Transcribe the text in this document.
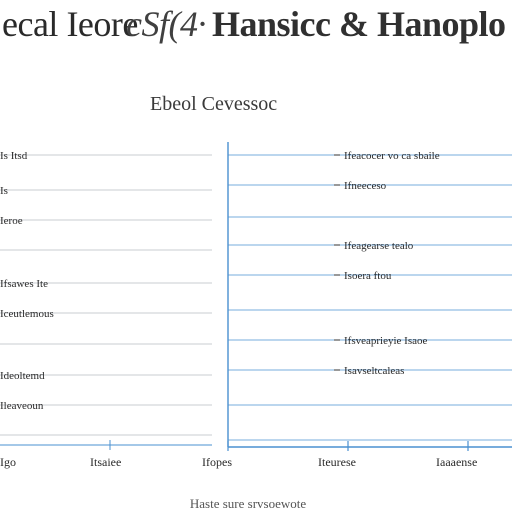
ecal Ieore
cSf(4· Hansicc & Hanoplo
Ebeol Cevessoc
Is Itsd
Is
Ieroe
Ifsawes Ite
Iceutlemous
Ideoltemd
Ileaveoun
Ifeacocer vo ca sbaile
Ifneeceso
Ifeagearse tealo
Isoera ftou
Ifsveaprieyie Isaoe
Isavseltcaleas
Igo	Itsaiee	Ifopes	Iteurese	Iaaaense
Haste sure srvsoewote
